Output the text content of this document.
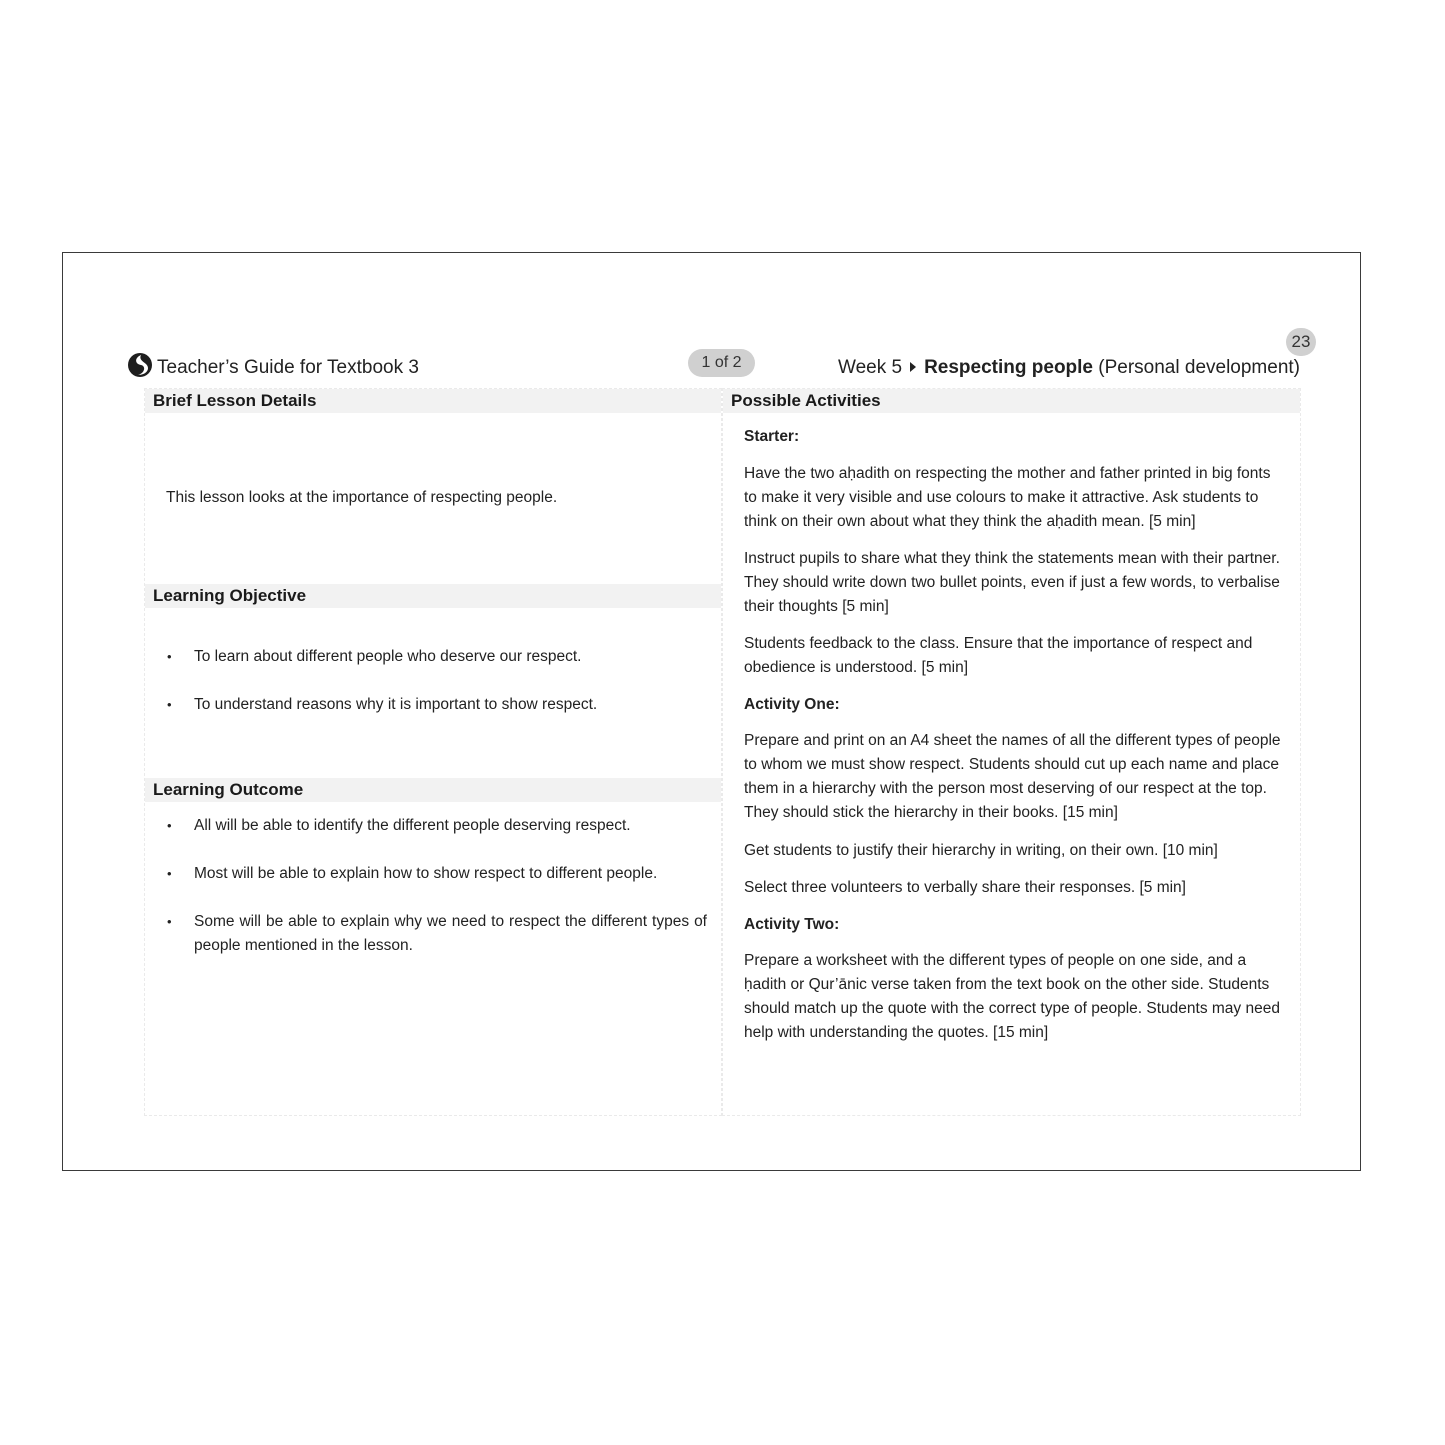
Teacher’s Guide for Textbook 3	1 of 2
23
Week 5 Respecting people (Personal development)
Brief Lesson Details
This lesson looks at the importance of respecting people.
Learning Objective
• To learn about different people who deserve our respect.
• To understand reasons why it is important to show respect.
Learning Outcome
• All will be able to identify the different people deserving respect.
• Most will be able to explain how to show respect to different people.
• Some will be able to explain why we need to respect the different types of people mentioned in the lesson.
Possible Activities
Starter:
Have the two aḥadith on respecting the mother and father printed in big fonts to make it very visible and use colours to make it attractive. Ask students to think on their own about what they think the aḥadith mean. [5 min]
Instruct pupils to share what they think the statements mean with their partner. They should write down two bullet points, even if just a few words, to verbalise their thoughts [5 min]
Students feedback to the class. Ensure that the importance of respect and obedience is understood. [5 min]
Activity One:
Prepare and print on an A4 sheet the names of all the different types of people to whom we must show respect. Students should cut up each name and place them in a hierarchy with the person most deserving of our respect at the top. They should stick the hierarchy in their books. [15 min]
Get students to justify their hierarchy in writing, on their own. [10 min]
Select three volunteers to verbally share their responses. [5 min]
Activity Two:
Prepare a worksheet with the different types of people on one side, and a ḥadith or Qur’ānic verse taken from the text book on the other side. Students should match up the quote with the correct type of people. Students may need help with understanding the quotes. [15 min]
